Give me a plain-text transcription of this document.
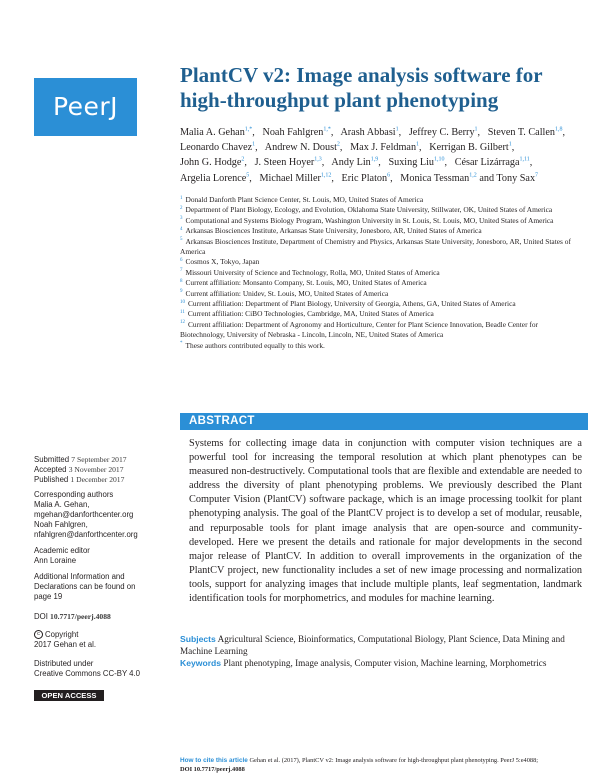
PeerJ
PlantCV v2: Image analysis software for high-throughput plant phenotyping
Malia A. Gehan$^{1,*}$,  Noah Fahlgren$^{1,*}$,  Arash Abbasi$^1$,  Jeffrey C. Berry$^1$,  Steven T. Callen$^{1,8}$,  Leonardo Chavez$^1$,  Andrew N. Doust$^2$,  Max J. Feldman$^1$,  Kerrigan B. Gilbert$^1$,  John G. Hodge$^2$,  J. Steen Hoyer$^{1,3}$,  Andy Lin$^{1,9}$,  Suxing Liu$^{1,10}$,  César Lizárraga$^{1,11}$,  Argelia Lorence$^5$,  Michael Miller$^{1,12}$,  Eric Platon$^6$,  Monica Tessman$^{1,2}$ and Tony Sax$^7$

$^1$ Donald Danforth Plant Science Center, St. Louis, MO, United States of America

$^2$ Department of Plant Biology, Ecology, and Evolution, Oklahoma State University, Stillwater, OK, United States of America

$^3$ Computational and Systems Biology Program, Washington University in St. Louis, St. Louis, MO, United States of America

$^4$ Arkansas Biosciences Institute, Arkansas State University, Jonesboro, AR, United States of America

$^5$ Arkansas Biosciences Institute, Department of Chemistry and Physics, Arkansas State University, Jonesboro, AR, United States of America

$^6$ Cosmos X, Tokyo, Japan

$^7$ Missouri University of Science and Technology, Rolla, MO, United States of America

$^8$ Current affiliation: Monsanto Company, St. Louis, MO, United States of America

$^9$ Current affiliation: Unidev, St. Louis, MO, United States of America

$^{10}$ Current affiliation: Department of Plant Biology, University of Georgia, Athens, GA, United States of America

$^{11}$ Current affiliation: CiBO Technologies, Cambridge, MA, United States of America

$^{12}$ Current affiliation: Department of Agronomy and Horticulture, Center for Plant Science Innovation, Beadle Center for Biotechnology, University of Nebraska - Lincoln, Lincoln, NE, United States of America

* These authors contributed equally to this work.

ABSTRACT
Systems for collecting image data in conjunction with computer vision techniques are a powerful tool for increasing the temporal resolution at which plant phenotypes can be measured non-destructively. Computational tools that are flexible and extendable are needed to address the diversity of plant phenotyping problems. We previously described the Plant Computer Vision (PlantCV) software package, which is an image processing toolkit for plant phenotyping analysis. The goal of the PlantCV project is to develop a set of modular, reusable, and repurposable tools for plant image analysis that are open-source and community-developed. Here we present the details and rationale for major developments in the second major release of PlantCV. In addition to overall improvements in the organization of the PlantCV project, new functionality includes a set of new image processing and normalization tools, support for analyzing images that include multiple plants, leaf segmentation, landmark identification tools for morphometrics, and modules for machine learning.
Subjects Agricultural Science, Bioinformatics, Computational Biology, Plant Science, Data Mining and Machine Learning
Keywords Plant phenotyping, Image analysis, Computer vision, Machine learning, Morphometrics
Submitted 7 September 2017
Accepted 3 November 2017
Published 1 December 2017
Corresponding authors
Malia A. Gehan,
mgehan@danforthcenter.org
Noah Fahlgren,
nfahlgren@danforthcenter.org
Academic editor
Ann Loraine
Additional Information and Declarations can be found on page 19
DOI 10.7717/peerj.4088
c Copyright
2017 Gehan et al.
Distributed under
Creative Commons CC-BY 4.0
OPEN ACCESS
How to cite this article Gehan et al. (2017), PlantCV v2: Image analysis software for high-throughput plant phenotyping. PeerJ 5:e4088;
DOI 10.7717/peerj.4088
